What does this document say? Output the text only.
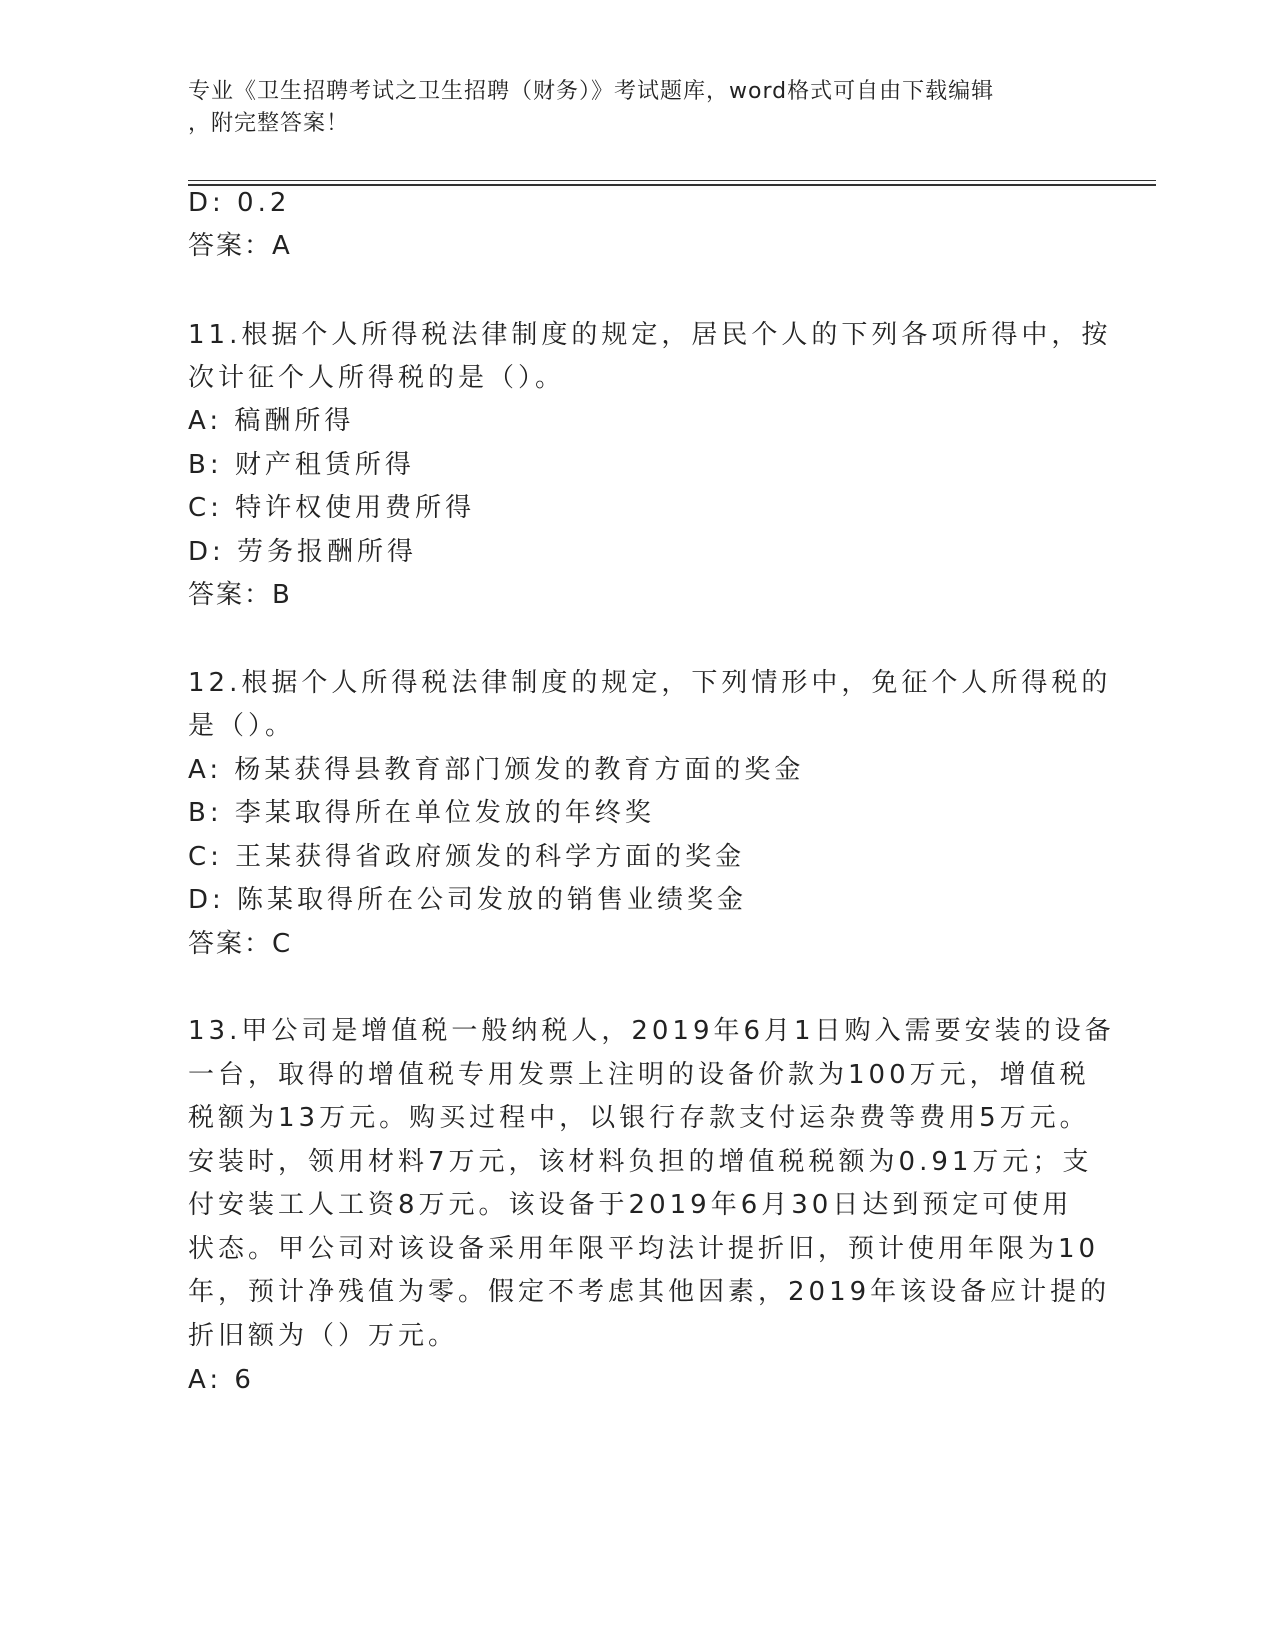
专业《卫生招聘考试之卫生招聘（财务）》考试题库，word格式可自由下载编辑
，附完整答案！
D: 0.2
答案：A
11.根据个人所得税法律制度的规定，居民个人的下列各项所得中，按
次计征个人所得税的是（）。
A: 稿酬所得
B: 财产租赁所得
C: 特许权使用费所得
D: 劳务报酬所得
答案：B
12.根据个人所得税法律制度的规定，下列情形中，免征个人所得税的
是（）。
A: 杨某获得县教育部门颁发的教育方面的奖金
B: 李某取得所在单位发放的年终奖
C: 王某获得省政府颁发的科学方面的奖金
D: 陈某取得所在公司发放的销售业绩奖金
答案：C
13.甲公司是增值税一般纳税人，2019年6月1日购入需要安装的设备
一台，取得的增值税专用发票上注明的设备价款为100万元，增值税
税额为13万元。购买过程中，以银行存款支付运杂费等费用5万元。
安装时，领用材料7万元，该材料负担的增值税税额为0.91万元；支
付安装工人工资8万元。该设备于2019年6月30日达到预定可使用
状态。甲公司对该设备采用年限平均法计提折旧，预计使用年限为10
年，预计净残值为零。假定不考虑其他因素，2019年该设备应计提的
折旧额为（）万元。
A: 6
